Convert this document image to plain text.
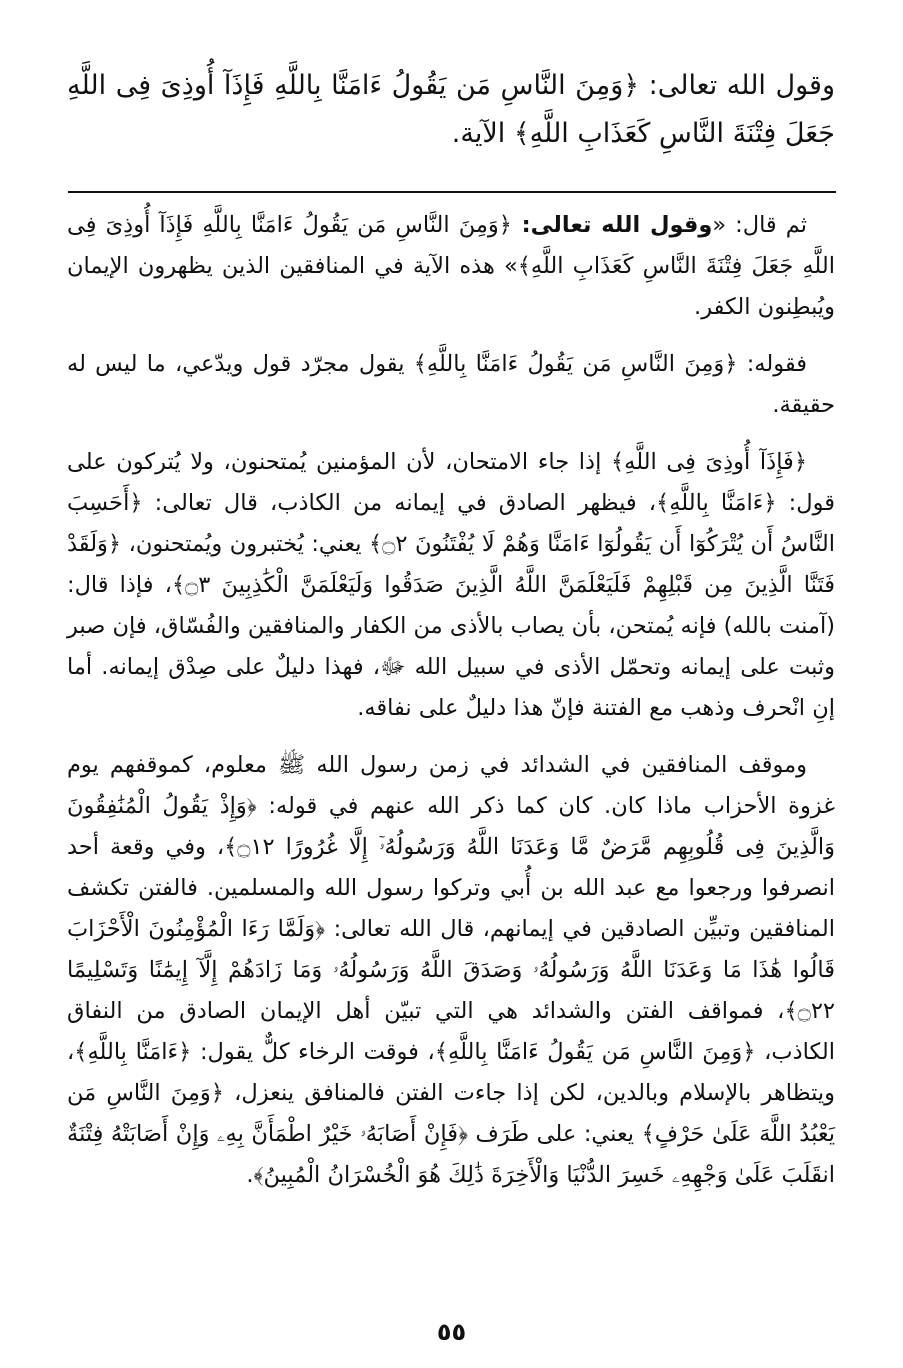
وقول الله تعالى: ﴿وَمِنَ النَّاسِ مَن يَقُولُ ءَامَنَّا بِاللَّهِ فَإِذَآ أُوذِىَ فِى اللَّهِ جَعَلَ فِتْنَةَ النَّاسِ كَعَذَابِ اللَّهِ﴾ الآية.

ثم قال: «وقول الله تعالى: ﴿وَمِنَ النَّاسِ مَن يَقُولُ ءَامَنَّا بِاللَّهِ فَإِذَآ أُوذِىَ فِى اللَّهِ جَعَلَ فِتْنَةَ النَّاسِ كَعَذَابِ اللَّهِ﴾» هذه الآية في المنافقين الذين يظهرون الإيمان ويُبطِنون الكفر.

فقوله: ﴿وَمِنَ النَّاسِ مَن يَقُولُ ءَامَنَّا بِاللَّهِ﴾ يقول مجرّد قول ويدّعي، ما ليس له حقيقة.

﴿فَإِذَآ أُوذِىَ فِى اللَّهِ﴾ إذا جاء الامتحان، لأن المؤمنين يُمتحنون، ولا يُتركون على قول: ﴿ءَامَنَّا بِاللَّهِ﴾، فيظهر الصادق في إيمانه من الكاذب، قال تعالى: ﴿أَحَسِبَ النَّاسُ أَن يُتْرَكُوٓا أَن يَقُولُوٓا ءَامَنَّا وَهُمْ لَا يُفْتَنُونَ ۝٢﴾ يعني: يُختبرون ويُمتحنون، ﴿وَلَقَدْ فَتَنَّا الَّذِينَ مِن قَبْلِهِمْ فَلَيَعْلَمَنَّ اللَّهُ الَّذِينَ صَدَقُوا وَلَيَعْلَمَنَّ الْكَٰذِبِينَ ۝٣﴾، فإذا قال: (آمنت بالله) فإنه يُمتحن، بأن يصاب بالأذى من الكفار والمنافقين والفُسّاق، فإن صبر وثبت على إيمانه وتحمّل الأذى في سبيل الله ﷻ، فهذا دليلٌ على صِدْق إيمانه. أما إنِ انْحرف وذهب مع الفتنة فإنّ هذا دليلٌ على نفاقه.

وموقف المنافقين في الشدائد في زمن رسول الله ﷺ معلوم، كموقفهم يوم غزوة الأحزاب ماذا كان. كان كما ذكر الله عنهم في قوله: ﴿وَإِذْ يَقُولُ الْمُنَٰفِقُونَ وَالَّذِينَ فِى قُلُوبِهِم مَّرَضٌ مَّا وَعَدَنَا اللَّهُ وَرَسُولُهُۥٓ إِلَّا غُرُورًا ۝١٢﴾، وفي وقعة أحد انصرفوا ورجعوا مع عبد الله بن أُبي وتركوا رسول الله والمسلمين. فالفتن تكشف المنافقين وتبيِّن الصادقين في إيمانهم، قال الله تعالى: ﴿وَلَمَّا رَءَا الْمُؤْمِنُونَ الْأَحْزَابَ قَالُوا هَٰذَا مَا وَعَدَنَا اللَّهُ وَرَسُولُهُۥ وَصَدَقَ اللَّهُ وَرَسُولُهُۥ وَمَا زَادَهُمْ إِلَّآ إِيمَٰنًا وَتَسْلِيمًا ۝٢٢﴾، فمواقف الفتن والشدائد هي التي تبيّن أهل الإيمان الصادق من النفاق الكاذب، ﴿وَمِنَ النَّاسِ مَن يَقُولُ ءَامَنَّا بِاللَّهِ﴾، فوقت الرخاء كلٌّ يقول: ﴿ءَامَنَّا بِاللَّهِ﴾، ويتظاهر بالإسلام وبالدين، لكن إذا جاءت الفتن فالمنافق ينعزل، ﴿وَمِنَ النَّاسِ مَن يَعْبُدُ اللَّهَ عَلَىٰ حَرْفٍ﴾ يعني: على طَرَف ﴿فَإِنْ أَصَابَهُۥ خَيْرٌ اطْمَأَنَّ بِهِۦ وَإِنْ أَصَابَتْهُ فِتْنَةٌ انقَلَبَ عَلَىٰ وَجْهِهِۦ خَسِرَ الدُّنْيَا وَالْأَخِرَةَ ذَٰلِكَ هُوَ الْخُسْرَانُ الْمُبِينُ﴾.

٥٥
